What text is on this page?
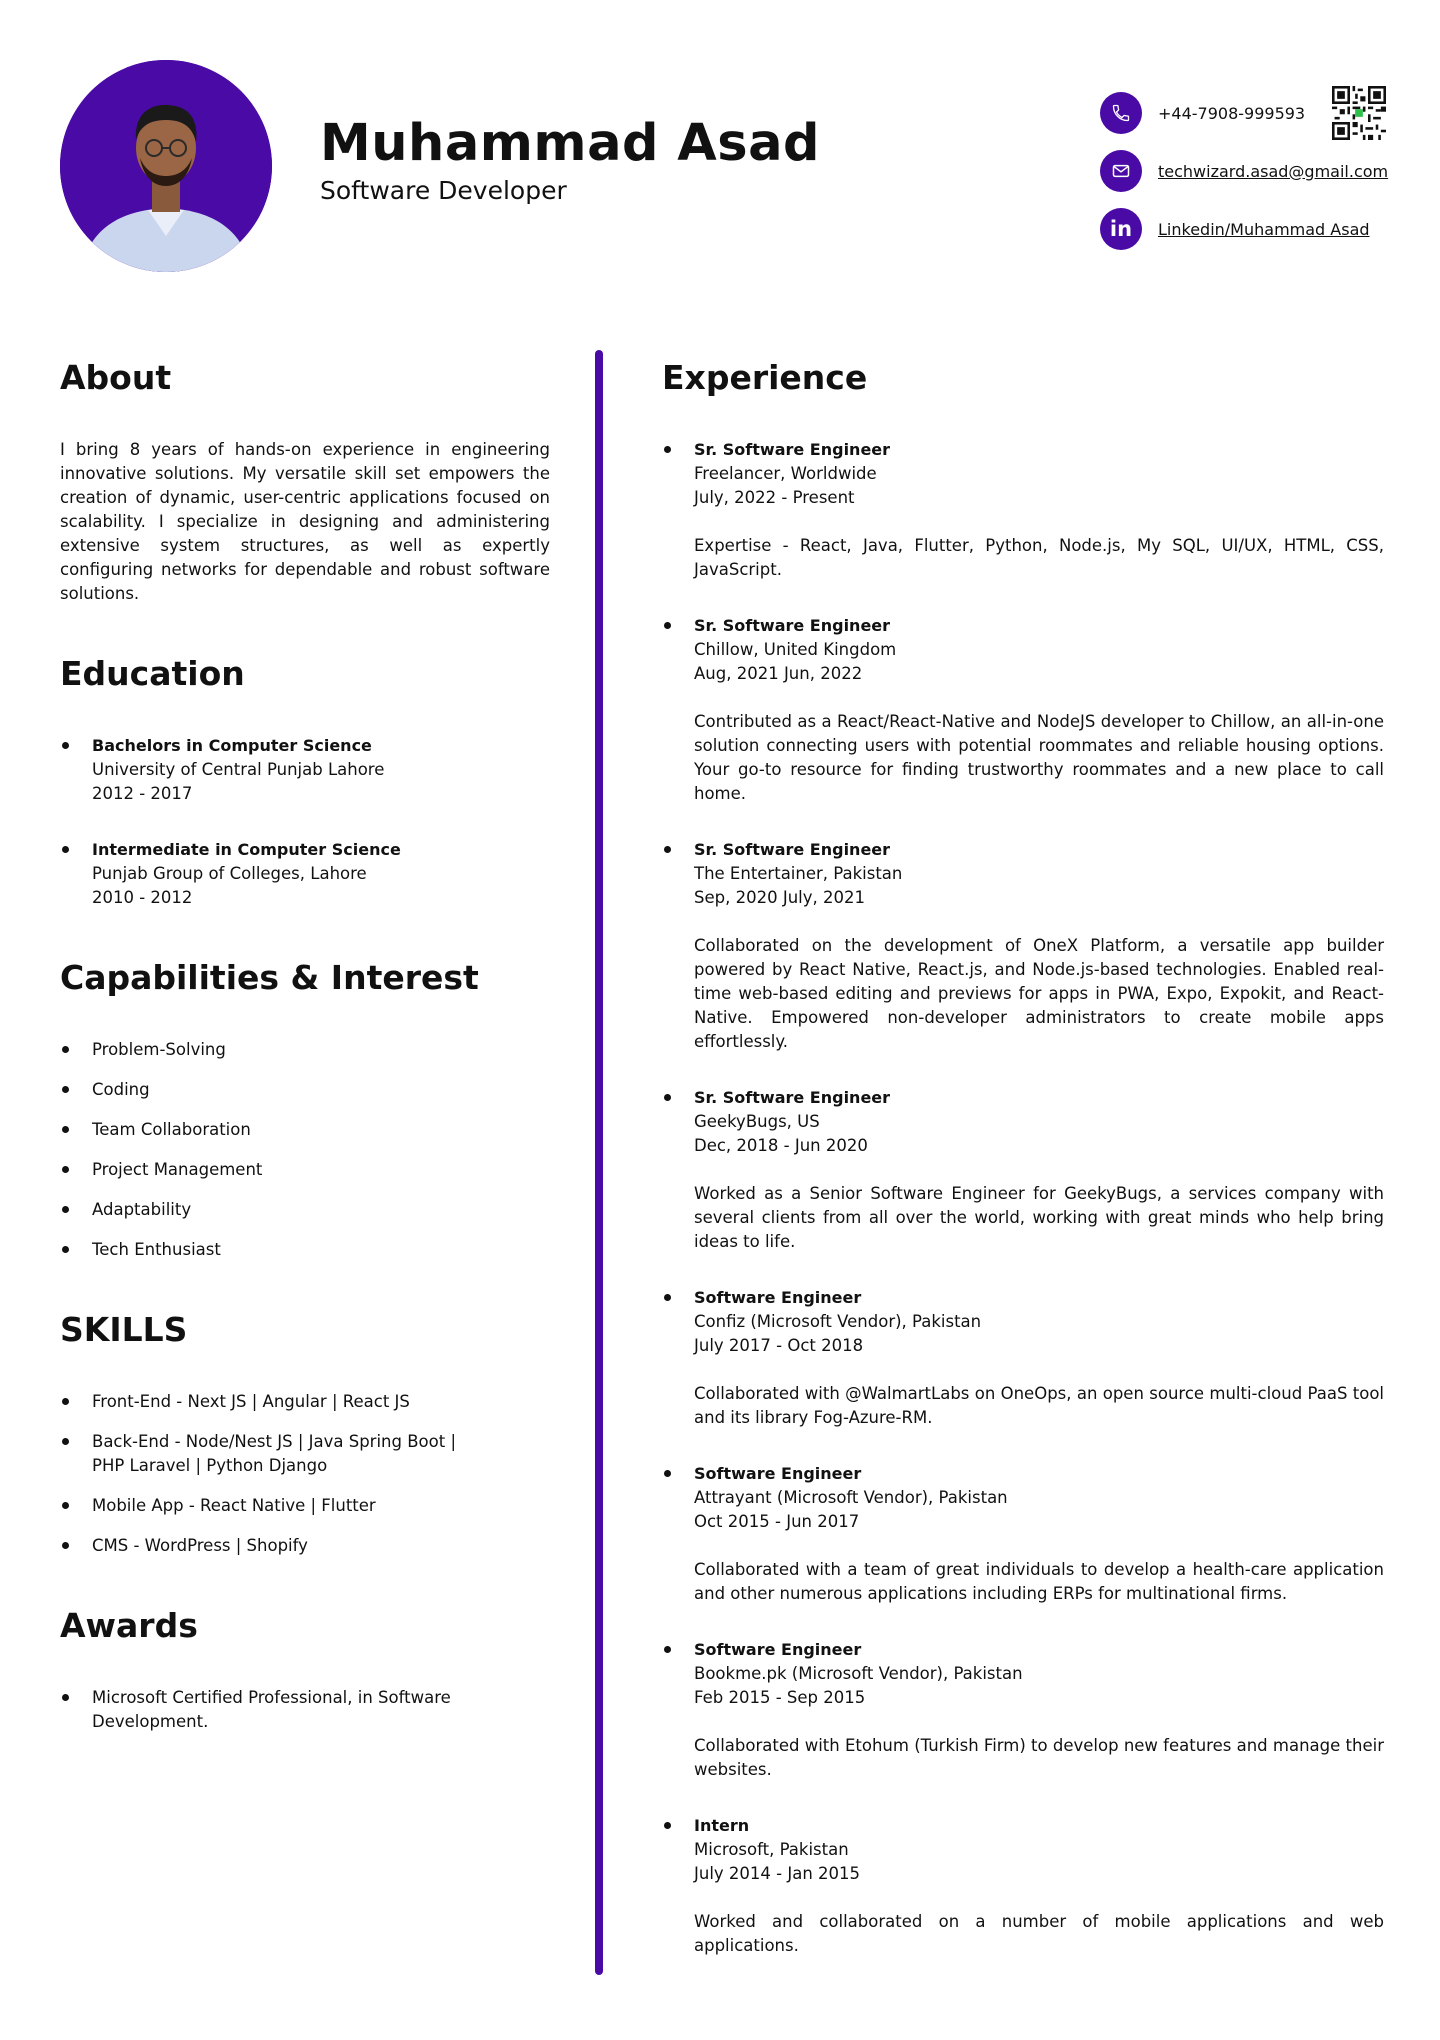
Muhammad Asad
Software Developer
+44-7908-999593
techwizard.asad@gmail.com
in	Linkedin/Muhammad Asad
About

I bring 8 years of hands-on experience in engineering innovative solutions. My versatile skill set empowers the creation of dynamic, user-centric applications focused on scalability. I specialize in designing and administering extensive system structures, as well as expertly configuring networks for dependable and robust software solutions.

Education
Bachelors in Computer Science
University of Central Punjab Lahore
2012 - 2017
Intermediate in Computer Science
Punjab Group of Colleges, Lahore
2010 - 2012
Capabilities & Interest
Problem-Solving
Coding
Team Collaboration
Project Management
Adaptability
Tech Enthusiast
SKILLS
Front-End - Next JS | Angular | React JS
Back-End - Node/Nest JS | Java Spring Boot | PHP Laravel | Python Django
Mobile App - React Native | Flutter
CMS - WordPress | Shopify
Awards
Microsoft Certified Professional, in Software Development.
Experience
Sr. Software Engineer
Freelancer, Worldwide
July, 2022 - Present
Expertise - React, Java, Flutter, Python, Node.js, My SQL, UI/UX, HTML, CSS, JavaScript.
Sr. Software Engineer
Chillow, United Kingdom
Aug, 2021 Jun, 2022
Contributed as a React/React-Native and NodeJS developer to Chillow, an all-in-one solution connecting users with potential roommates and reliable housing options. Your go-to resource for finding trustworthy roommates and a new place to call home.
Sr. Software Engineer
The Entertainer, Pakistan
Sep, 2020 July, 2021
Collaborated on the development of OneX Platform, a versatile app builder powered by React Native, React.js, and Node.js-based technologies. Enabled real-time web-based editing and previews for apps in PWA, Expo, Expokit, and React-Native. Empowered non-developer administrators to create mobile apps effortlessly.
Sr. Software Engineer
GeekyBugs, US
Dec, 2018 - Jun 2020
Worked as a Senior Software Engineer for GeekyBugs, a services company with several clients from all over the world, working with great minds who help bring ideas to life.
Software Engineer
Confiz (Microsoft Vendor), Pakistan
July 2017 - Oct 2018
Collaborated with @WalmartLabs on OneOps, an open source multi-cloud PaaS tool and its library Fog-Azure-RM.
Software Engineer
Attrayant (Microsoft Vendor), Pakistan
Oct 2015 - Jun 2017
Collaborated with a team of great individuals to develop a health-care application and other numerous applications including ERPs for multinational firms.
Software Engineer
Bookme.pk (Microsoft Vendor), Pakistan
Feb 2015 - Sep 2015
Collaborated with Etohum (Turkish Firm) to develop new features and manage their websites.
Intern
Microsoft, Pakistan
July 2014 - Jan 2015
Worked and collaborated on a number of mobile applications and web applications.
